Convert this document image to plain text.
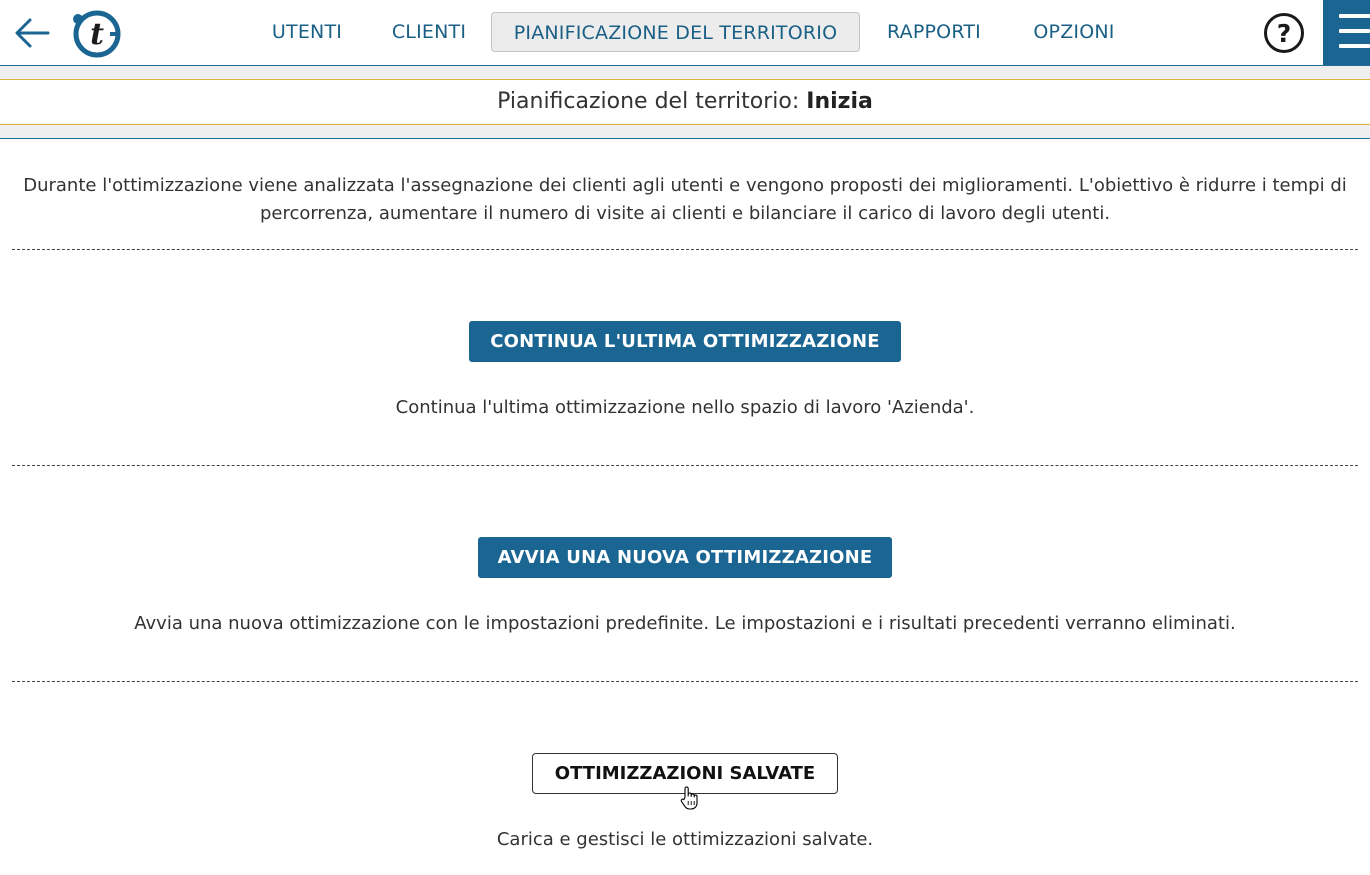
t	UTENTI	CLIENTI	PIANIFICAZIONE DEL TERRITORIO	RAPPORTI	OPZIONI	?
Pianificazione del territorio: Inizia
Durante l'ottimizzazione viene analizzata l'assegnazione dei clienti agli utenti e vengono proposti dei miglioramenti. L'obiettivo è ridurre i tempi di percorrenza, aumentare il numero di visite ai clienti e bilanciare il carico di lavoro degli utenti.
CONTINUA L'ULTIMA OTTIMIZZAZIONE
Continua l'ultima ottimizzazione nello spazio di lavoro 'Azienda'.
AVVIA UNA NUOVA OTTIMIZZAZIONE
Avvia una nuova ottimizzazione con le impostazioni predefinite. Le impostazioni e i risultati precedenti verranno eliminati.
OTTIMIZZAZIONI SALVATE
Carica e gestisci le ottimizzazioni salvate.
